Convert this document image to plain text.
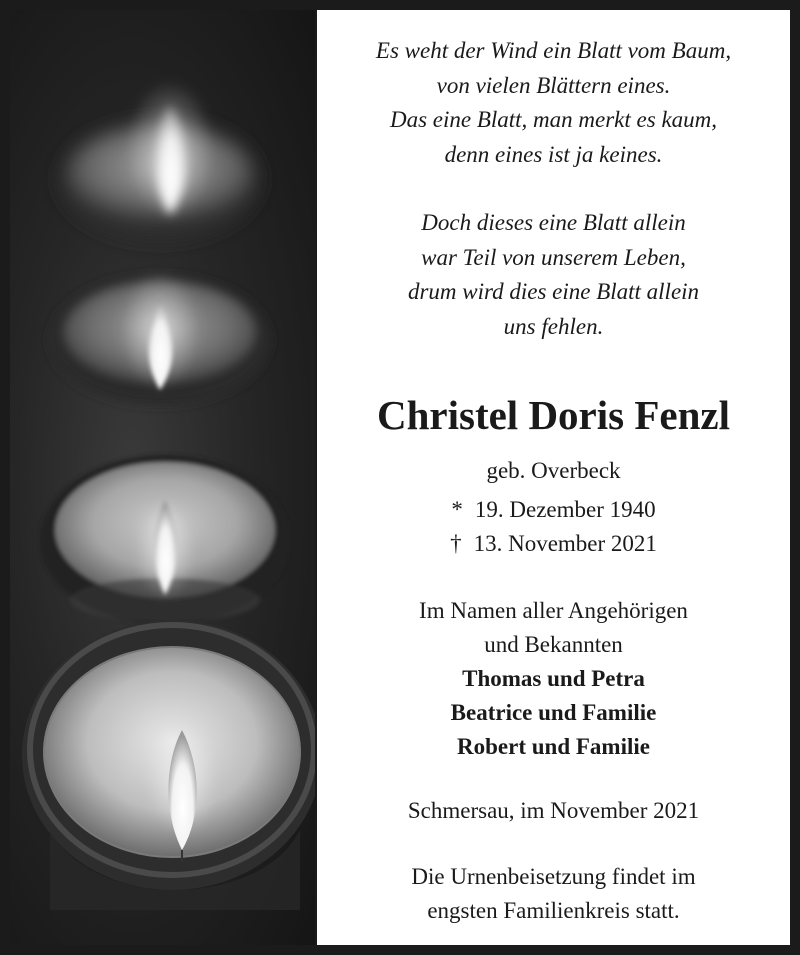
Es weht der Wind ein Blatt vom Baum,
von vielen Blättern eines.
Das eine Blatt, man merkt es kaum,
denn eines ist ja keines.

Doch dieses eine Blatt allein
war Teil von unserem Leben,
drum wird dies eine Blatt allein
uns fehlen.

Christel Doris Fenzl
geb. Overbeck
* 19. Dezember 1940
† 13. November 2021
Im Namen aller Angehörigen
und Bekannten
Thomas und Petra
Beatrice und Familie
Robert und Familie
Schmersau, im November 2021
Die Urnenbeisetzung findet im
engsten Familienkreis statt.
